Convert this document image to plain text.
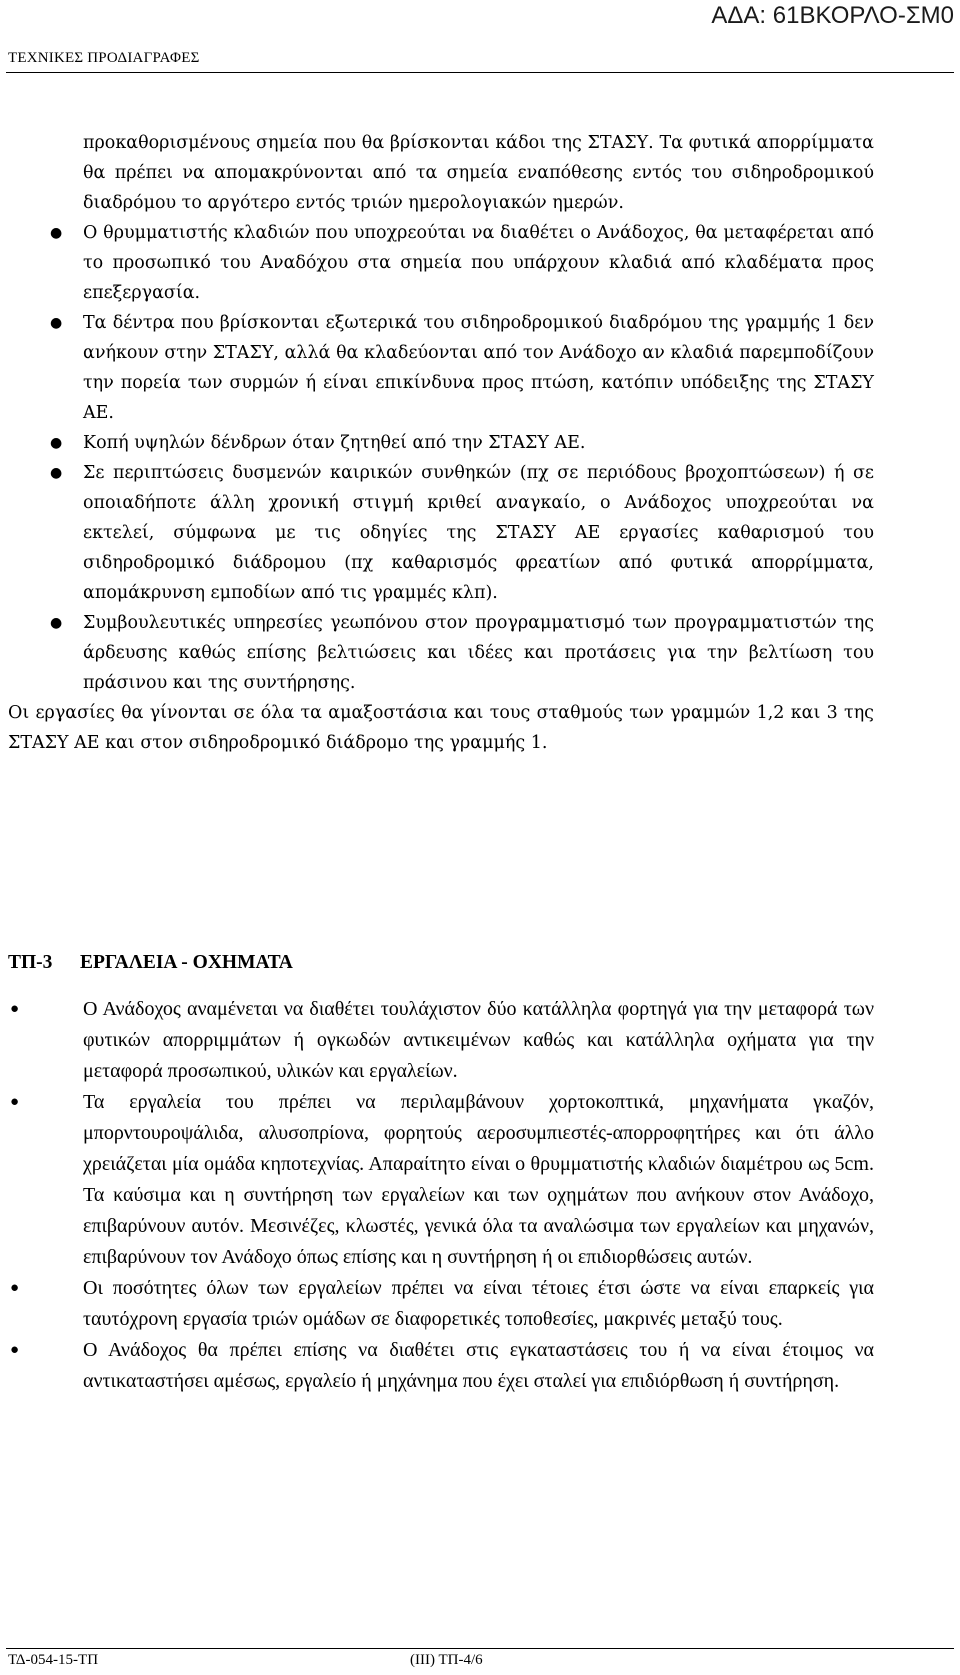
ΑΔΑ: 61ΒΚΟΡΛΟ-ΣΜ0
ΤΕΧΝΙΚΕΣ ΠΡΟΔΙΑΓΡΑΦΕΣ

προκαθορισμένους σημεία που θα βρίσκονται κάδοι της ΣΤΑΣΥ. Τα φυτικά απορρίμματα θα πρέπει να απομακρύνονται από τα σημεία εναπόθεσης εντός του σιδηροδρομικού διαδρόμου το αργότερο εντός τριών ημερολογιακών ημερών.

● Ο θρυμματιστής κλαδιών που υποχρεούται να διαθέτει ο Ανάδοχος, θα μεταφέρεται από το προσωπικό του Αναδόχου στα σημεία που υπάρχουν κλαδιά από κλαδέματα προς επεξεργασία.
● Τα δέντρα που βρίσκονται εξωτερικά του σιδηροδρομικού διαδρόμου της γραμμής 1 δεν ανήκουν στην ΣΤΑΣΥ, αλλά θα κλαδεύονται από τον Ανάδοχο αν κλαδιά παρεμποδίζουν την πορεία των συρμών ή είναι επικίνδυνα προς πτώση, κατόπιν υπόδειξης της ΣΤΑΣΥ ΑΕ.
● Κοπή υψηλών δένδρων όταν ζητηθεί από την ΣΤΑΣΥ ΑΕ.
● Σε περιπτώσεις δυσμενών καιρικών συνθηκών (πχ σε περιόδους βροχοπτώσεων) ή σε οποιαδήποτε άλλη χρονική στιγμή κριθεί αναγκαίο, ο Ανάδοχος υποχρεούται να εκτελεί, σύμφωνα με τις οδηγίες της ΣΤΑΣΥ ΑΕ εργασίες καθαρισμού του σιδηροδρομικό διάδρομου (πχ καθαρισμός φρεατίων από φυτικά απορρίμματα, απομάκρυνση εμποδίων από τις γραμμές κλπ).
● Συμβουλευτικές υπηρεσίες γεωπόνου στον προγραμματισμό των προγραμματιστών της άρδευσης καθώς επίσης βελτιώσεις και ιδέες και προτάσεις για την βελτίωση του πράσινου και της συντήρησης.

Οι εργασίες θα γίνονται σε όλα τα αμαξοστάσια και τους σταθμούς των γραμμών 1,2 και 3 της ΣΤΑΣΥ ΑΕ και στον σιδηροδρομικό διάδρομο της γραμμής 1.

ΤΠ-3 ΕΡΓΑΛΕΙΑ - ΟΧΗΜΑΤΑ
●	Ο Ανάδοχος αναμένεται να διαθέτει τουλάχιστον δύο κατάλληλα φορτηγά για την μεταφορά των φυτικών απορριμμάτων ή ογκωδών αντικειμένων καθώς και κατάλληλα οχήματα για την μεταφορά προσωπικού, υλικών και εργαλείων.
●	Τα εργαλεία του πρέπει να περιλαμβάνουν χορτοκοπτικά, μηχανήματα γκαζόν, μπορντουροψάλιδα, αλυσοπρίονα, φορητούς αεροσυμπιεστές-απορροφητήρες και ότι άλλο χρειάζεται μία ομάδα κηποτεχνίας. Απαραίτητο είναι ο θρυμματιστής κλαδιών διαμέτρου ως 5cm. Τα καύσιμα και η συντήρηση των εργαλείων και των οχημάτων που ανήκουν στον Ανάδοχο, επιβαρύνουν αυτόν. Μεσινέζες, κλωστές, γενικά όλα τα αναλώσιμα των εργαλείων και μηχανών, επιβαρύνουν τον Ανάδοχο όπως επίσης και η συντήρηση ή οι επιδιορθώσεις αυτών.
●	Οι ποσότητες όλων των εργαλείων πρέπει να είναι τέτοιες έτσι ώστε να είναι επαρκείς για ταυτόχρονη εργασία τριών ομάδων σε διαφορετικές τοποθεσίες, μακρινές μεταξύ τους.
●	Ο Ανάδοχος θα πρέπει επίσης να διαθέτει στις εγκαταστάσεις του ή να είναι έτοιμος να αντικαταστήσει αμέσως, εργαλείο ή μηχάνημα που έχει σταλεί για επιδιόρθωση ή συντήρηση.
ΤΔ-054-15-ΤΠ	(ΙΙΙ) ΤΠ-4/6
